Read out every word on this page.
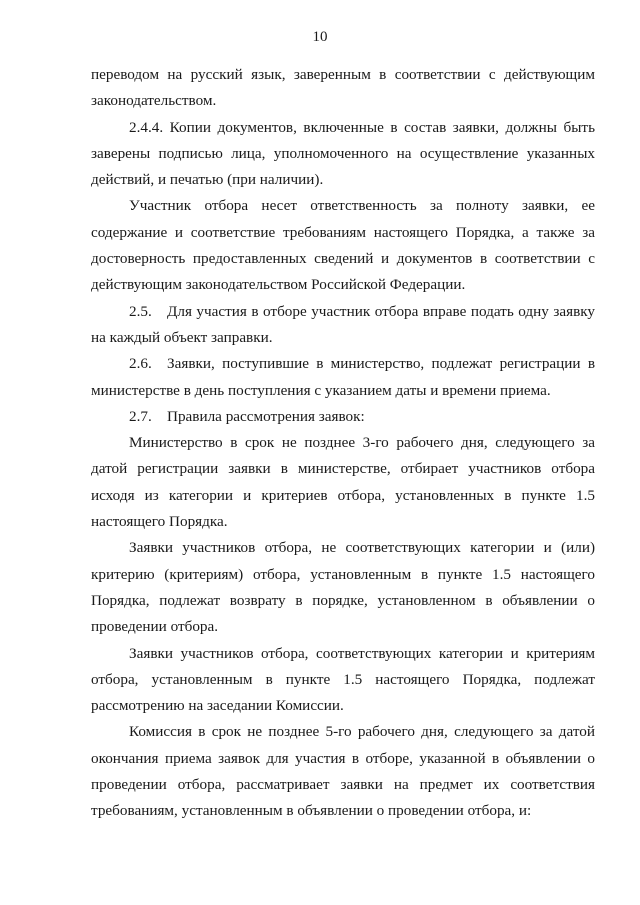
10

переводом на русский язык, заверенным в соответствии с действующим законодательством.

2.4.4. Копии документов, включенные в состав заявки, должны быть заверены подписью лица, уполномоченного на осуществление указанных действий, и печатью (при наличии).

Участник отбора несет ответственность за полноту заявки, ее содержание и соответствие требованиям настоящего Порядка, а также за достоверность предоставленных сведений и документов в соответствии с действующим законодательством Российской Федерации.

2.5. Для участия в отборе участник отбора вправе подать одну заявку на каждый объект заправки.

2.6. Заявки, поступившие в министерство, подлежат регистрации в министерстве в день поступления с указанием даты и времени приема.

2.7. Правила рассмотрения заявок:

Министерство в срок не позднее 3-го рабочего дня, следующего за датой регистрации заявки в министерстве, отбирает участников отбора исходя из категории и критериев отбора, установленных в пункте 1.5 настоящего Порядка.

Заявки участников отбора, не соответствующих категории и (или) критерию (критериям) отбора, установленным в пункте 1.5 настоящего Порядка, подлежат возврату в порядке, установленном в объявлении о проведении отбора.

Заявки участников отбора, соответствующих категории и критериям отбора, установленным в пункте 1.5 настоящего Порядка, подлежат рассмотрению на заседании Комиссии.

Комиссия в срок не позднее 5-го рабочего дня, следующего за датой окончания приема заявок для участия в отборе, указанной в объявлении о проведении отбора, рассматривает заявки на предмет их соответствия требованиям, установленным в объявлении о проведении отбора, и:
